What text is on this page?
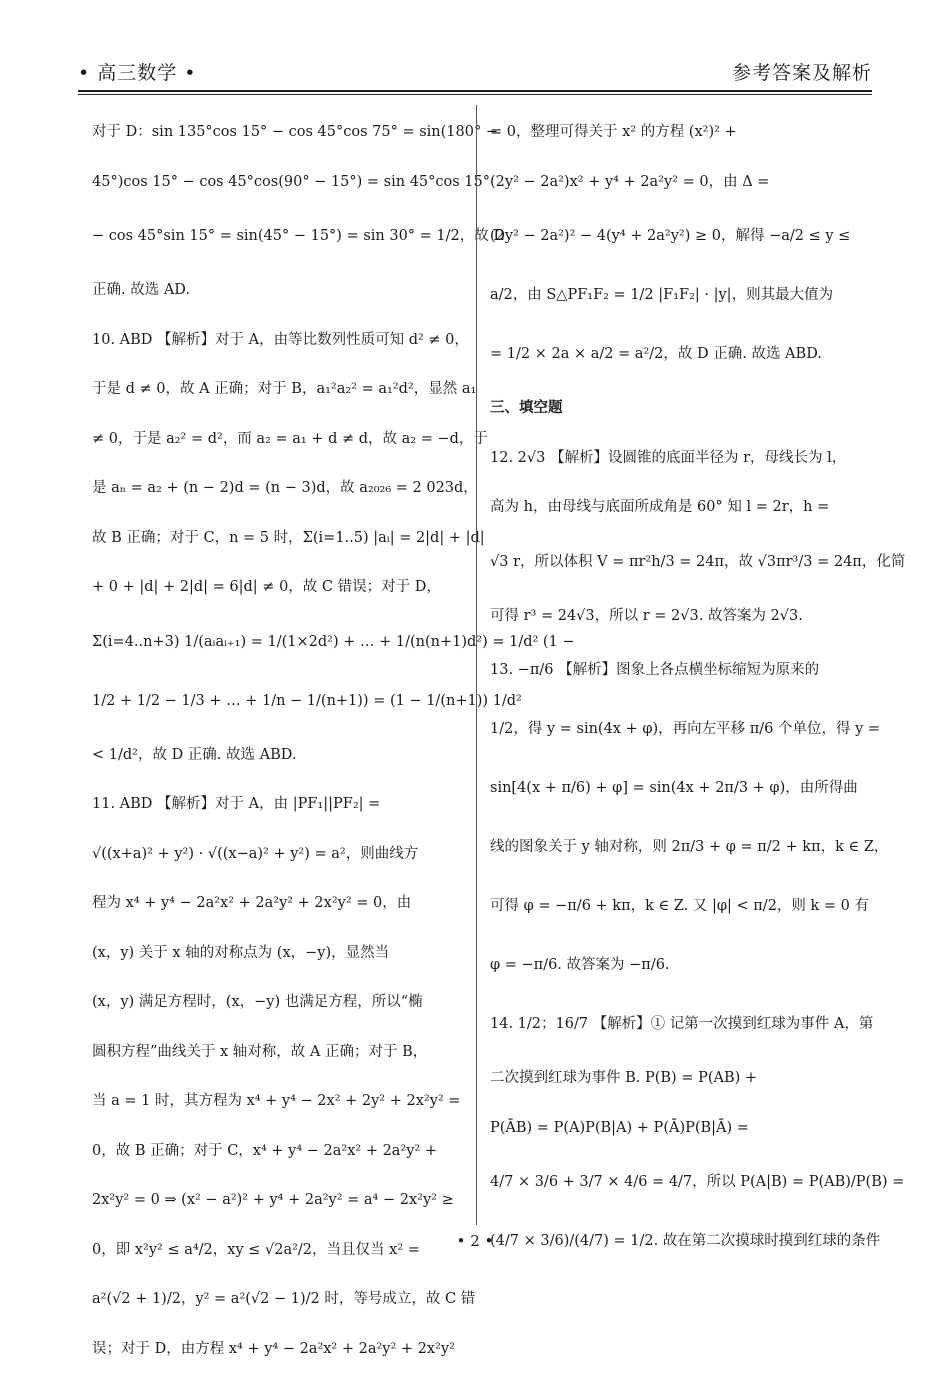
• 高三数学 •	参考答案及解析
对于 D：sin 135°cos 15° − cos 45°cos 75° = sin(180° −
45°)cos 15° − cos 45°cos(90° − 15°) = sin 45°cos 15°
− cos 45°sin 15° = sin(45° − 15°) = sin 30° = 1/2，故 D
正确. 故选 AD.
10. ABD 【解析】对于 A，由等比数列性质可知 d² ≠ 0，
于是 d ≠ 0，故 A 正确；对于 B，a₁²a₂² = a₁²d²，显然 a₁
≠ 0，于是 a₂² = d²，而 a₂ = a₁ + d ≠ d，故 a₂ = −d，于
是 aₙ = a₂ + (n − 2)d = (n − 3)d，故 a₂₀₂₆ = 2 023d，
故 B 正确；对于 C，n = 5 时，Σ(i=1..5) |aᵢ| = 2|d| + |d|
+ 0 + |d| + 2|d| = 6|d| ≠ 0，故 C 错误；对于 D，
Σ(i=4..n+3) 1/(aᵢaᵢ₊₁) = 1/(1×2d²) + … + 1/(n(n+1)d²) = 1/d² (1 −
1/2 + 1/2 − 1/3 + … + 1/n − 1/(n+1)) = (1 − 1/(n+1)) 1/d²
< 1/d²，故 D 正确. 故选 ABD.
11. ABD 【解析】对于 A，由 |PF₁||PF₂| =
√((x+a)² + y²) · √((x−a)² + y²) = a²，则曲线方
程为 x⁴ + y⁴ − 2a²x² + 2a²y² + 2x²y² = 0，由
(x，y) 关于 x 轴的对称点为 (x，−y)，显然当
(x，y) 满足方程时，(x，−y) 也满足方程，所以“椭
圆积方程”曲线关于 x 轴对称，故 A 正确；对于 B，
当 a = 1 时，其方程为 x⁴ + y⁴ − 2x² + 2y² + 2x²y² =
0，故 B 正确；对于 C，x⁴ + y⁴ − 2a²x² + 2a²y² +
2x²y² = 0 ⇒ (x² − a²)² + y⁴ + 2a²y² = a⁴ − 2x²y² ≥
0，即 x²y² ≤ a⁴/2，xy ≤ √2a²/2，当且仅当 x² =
a²(√2 + 1)/2，y² = a²(√2 − 1)/2 时，等号成立，故 C 错
误；对于 D，由方程 x⁴ + y⁴ − 2a²x² + 2a²y² + 2x²y²
= 0，整理可得关于 x² 的方程 (x²)² +
(2y² − 2a²)x² + y⁴ + 2a²y² = 0，由 Δ =
(2y² − 2a²)² − 4(y⁴ + 2a²y²) ≥ 0，解得 −a/2 ≤ y ≤
a/2，由 S△PF₁F₂ = 1/2 |F₁F₂| · |y|，则其最大值为
= 1/2 × 2a × a/2 = a²/2，故 D 正确. 故选 ABD.
三、填空题
12. 2√3 【解析】设圆锥的底面半径为 r，母线长为 l，
高为 h，由母线与底面所成角是 60° 知 l = 2r，h =
√3 r，所以体积 V = πr²h/3 = 24π，故 √3πr³/3 = 24π，化简
可得 r³ = 24√3，所以 r = 2√3. 故答案为 2√3.
13. −π/6 【解析】图象上各点横坐标缩短为原来的
1/2，得 y = sin(4x + φ)，再向左平移 π/6 个单位，得 y =
sin[4(x + π/6) + φ] = sin(4x + 2π/3 + φ)，由所得曲
线的图象关于 y 轴对称，则 2π/3 + φ = π/2 + kπ，k ∈ Z，
可得 φ = −π/6 + kπ，k ∈ Z. 又 |φ| < π/2，则 k = 0 有
φ = −π/6. 故答案为 −π/6.
14. 1/2；16/7 【解析】① 记第一次摸到红球为事件 A，第
二次摸到红球为事件 B. P(B) = P(AB) +
P(ĀB) = P(A)P(B|A) + P(Ā)P(B|Ā) =
4/7 × 3/6 + 3/7 × 4/6 = 4/7，所以 P(A|B) = P(AB)/P(B) =
(4/7 × 3/6)/(4/7) = 1/2. 故在第二次摸球时摸到红球的条件
• 2 •
